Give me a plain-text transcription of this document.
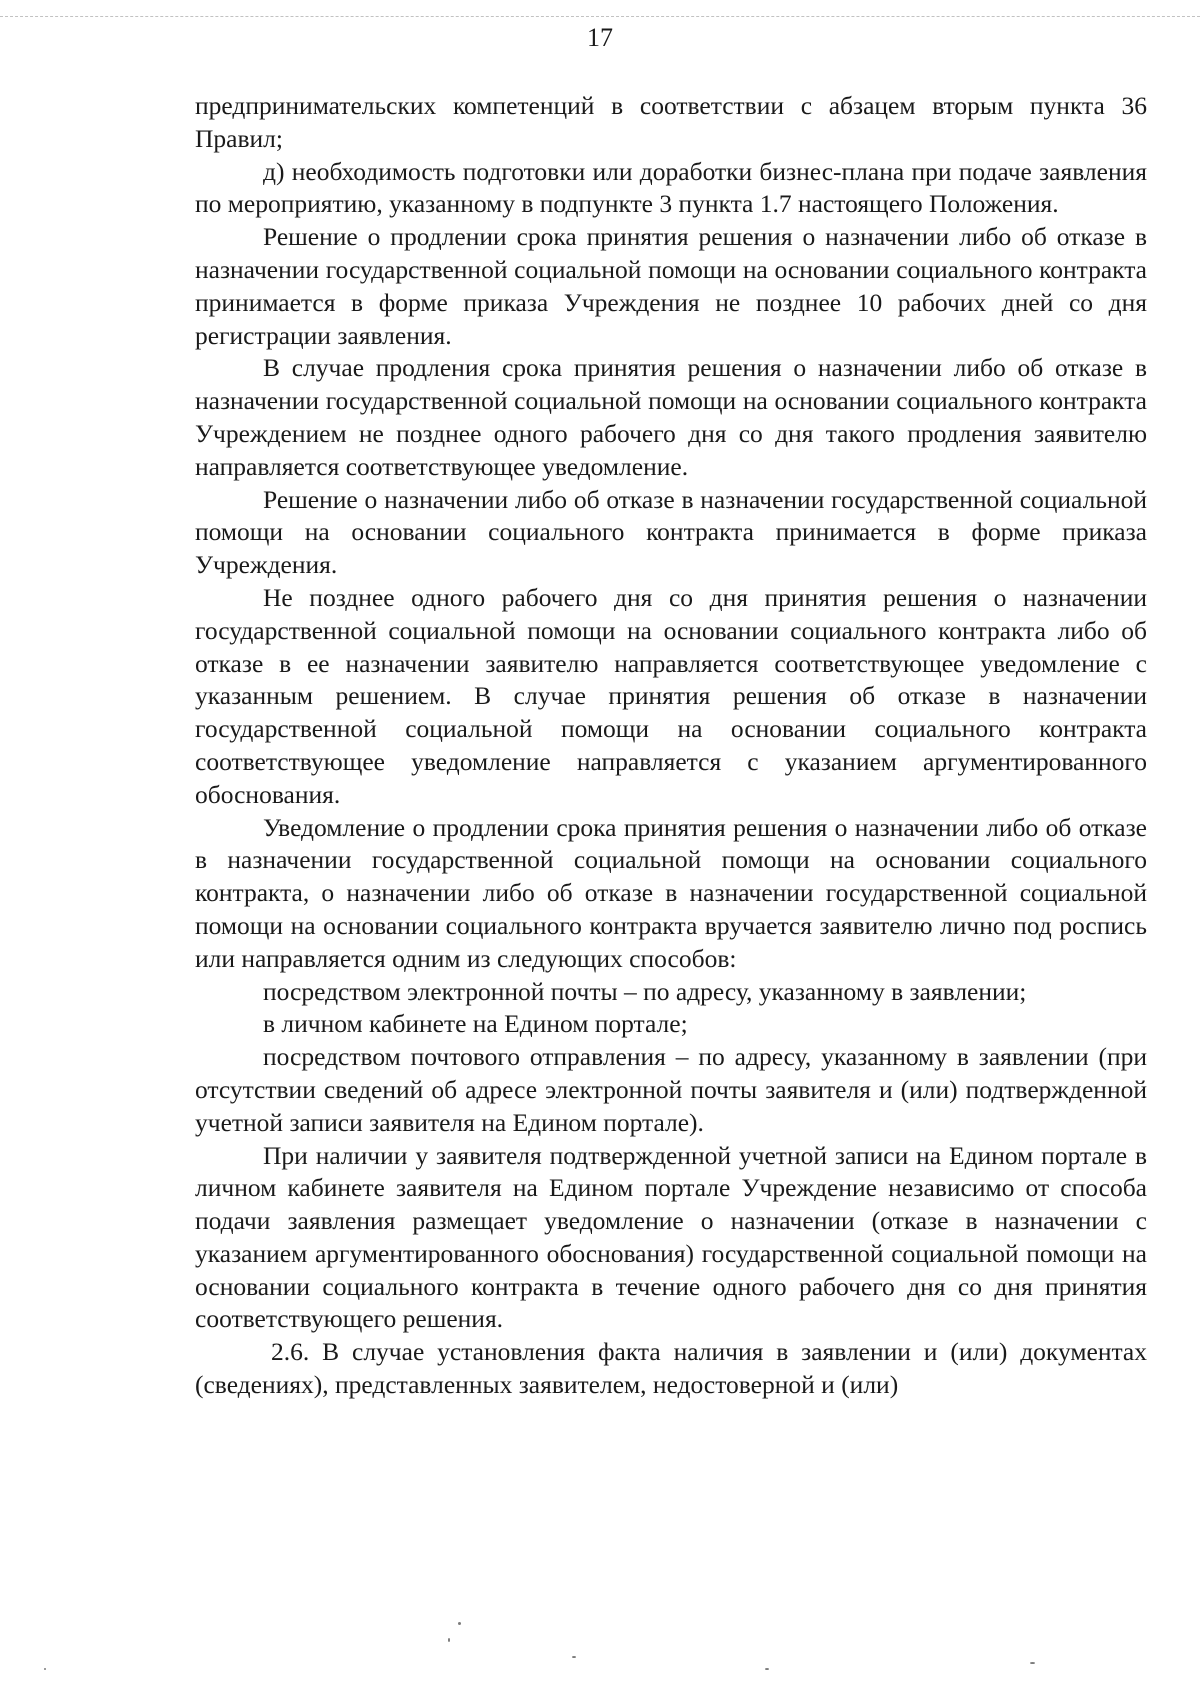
17

предпринимательских компетенций в соответствии с абзацем вторым пункта 36 Правил;

д) необходимость подготовки или доработки бизнес-плана при подаче заявления по мероприятию, указанному в подпункте 3 пункта 1.7 настоящего Положения.

Решение о продлении срока принятия решения о назначении либо об отказе в назначении государственной социальной помощи на основании социального контракта принимается в форме приказа Учреждения не позднее 10 рабочих дней со дня регистрации заявления.

В случае продления срока принятия решения о назначении либо об отказе в назначении государственной социальной помощи на основании социального контракта Учреждением не позднее одного рабочего дня со дня такого продления заявителю направляется соответствующее уведомление.

Решение о назначении либо об отказе в назначении государственной социальной помощи на основании социального контракта принимается в форме приказа Учреждения.

Не позднее одного рабочего дня со дня принятия решения о назначении государственной социальной помощи на основании социального контракта либо об отказе в ее назначении заявителю направляется соответствующее уведомление с указанным решением. В случае принятия решения об отказе в назначении государственной социальной помощи на основании социального контракта соответствующее уведомление направляется с указанием аргументированного обоснования.

Уведомление о продлении срока принятия решения о назначении либо об отказе в назначении государственной социальной помощи на основании социального контракта, о назначении либо об отказе в назначении государственной социальной помощи на основании социального контракта вручается заявителю лично под роспись или направляется одним из следующих способов:

посредством электронной почты – по адресу, указанному в заявлении;

в личном кабинете на Едином портале;

посредством почтового отправления – по адресу, указанному в заявлении (при отсутствии сведений об адресе электронной почты заявителя и (или) подтвержденной учетной записи заявителя на Едином портале).

При наличии у заявителя подтвержденной учетной записи на Едином портале в личном кабинете заявителя на Едином портале Учреждение независимо от способа подачи заявления размещает уведомление о назначении (отказе в назначении с указанием аргументированного обоснования) государственной социальной помощи на основании социального контракта в течение одного рабочего дня со дня принятия соответствующего решения.

2.6. В случае установления факта наличия в заявлении и (или) документах (сведениях), представленных заявителем, недостоверной и (или)
